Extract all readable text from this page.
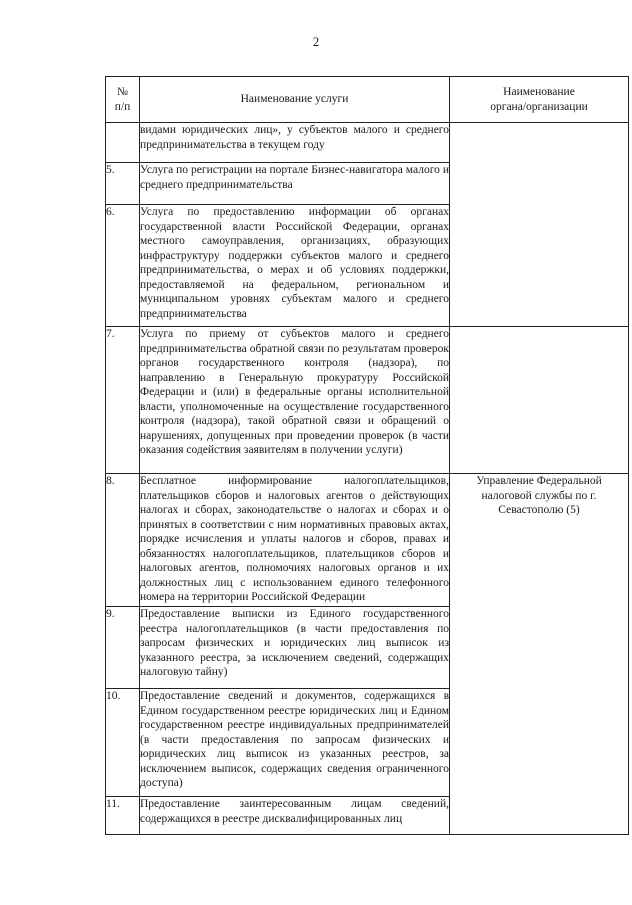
2
№
п/п	Наименование услуги	Наименование
органа/организации
	видами юридических лиц», у субъектов малого и среднего предпринимательства в текущем году	
5.	Услуга по регистрации на портале Бизнес-навигатора малого и среднего предпринимательства	
6.	Услуга по предоставлению информации об органах государственной власти Российской Федерации, органах местного самоуправления, организациях, образующих инфраструктуру поддержки субъектов малого и среднего предпринимательства, о мерах и об условиях поддержки, предоставляемой на федеральном, региональном и муниципальном уровнях субъектам малого и среднего предпринимательства	
7.	Услуга по приему от субъектов малого и среднего предпринимательства обратной связи по результатам проверок органов государственного контроля (надзора), по направлению в Генеральную прокуратуру Российской Федерации и (или) в федеральные органы исполнительной власти, уполномоченные на осуществление государственного контроля (надзора), такой обратной связи и обращений о нарушениях, допущенных при проведении проверок (в части оказания содействия заявителям в получении услуги)	
8.	Бесплатное информирование налогоплательщиков, плательщиков сборов и налоговых агентов о действующих налогах и сборах, законодательстве о налогах и сборах и о принятых в соответствии с ним нормативных правовых актах, порядке исчисления и уплаты налогов и сборов, правах и обязанностях налогоплательщиков, плательщиков сборов и налоговых агентов, полномочиях налоговых органов и их должностных лиц с использованием единого телефонного номера на территории Российской Федерации	Управление Федеральной налоговой службы по г. Севастополю (5)
9.	Предоставление выписки из Единого государственного реестра налогоплательщиков (в части предоставления по запросам физических и юридических лиц выписок из указанного реестра, за исключением сведений, содержащих налоговую тайну)	
10.	Предоставление сведений и документов, содержащихся в Едином государственном реестре юридических лиц и Едином государственном реестре индивидуальных предпринимателей (в части предоставления по запросам физических и юридических лиц выписок из указанных реестров, за исключением выписок, содержащих сведения ограниченного доступа)	
11.	Предоставление заинтересованным лицам сведений, содержащихся в реестре дисквалифицированных лиц	
